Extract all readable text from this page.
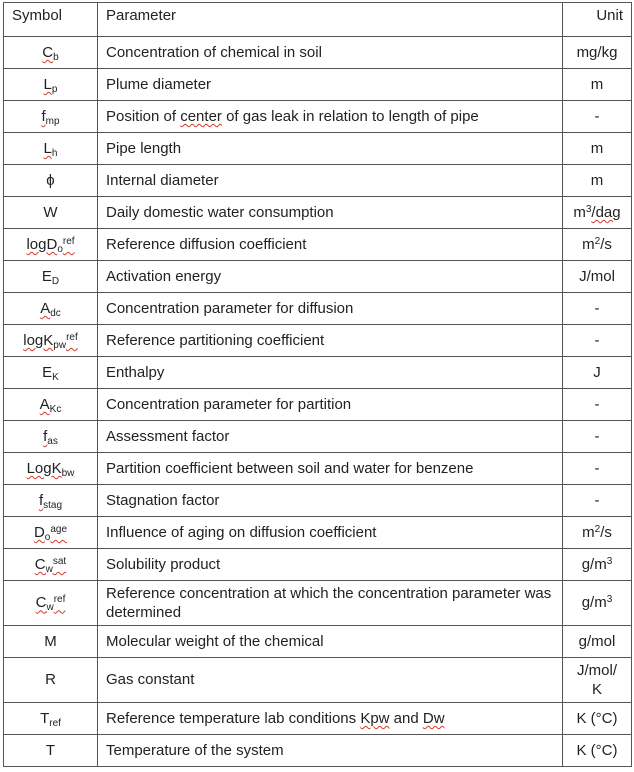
Symbol	Parameter	Unit
$C_b$	Concentration of chemical in soil	mg/kg
$L_p$	Plume diameter	m
$f_{mp}$	Position of center of gas leak in relation to length of pipe	-
$L_h$	Pipe length	m
ϕ	Internal diameter	m
W	Daily domestic water consumption	$m^3$/dag
logD$_o^{ref}$	Reference diffusion coefficient	$m^2/s$
$E_D$	Activation energy	J/mol
$A_{dc}$	Concentration parameter for diffusion	-
logK$_{pw}^{ref}$	Reference partitioning coefficient	-
$E_K$	Enthalpy	J
$A_{Kc}$	Concentration parameter for partition	-
$f_{as}$	Assessment factor	-
LogK$_{bw}$	Partition coefficient between soil and water for benzene	-
$f_{stag}$	Stagnation factor	-
$D_o^{age}$	Influence of aging on diffusion coefficient	$m^2/s$
$C_w^{sat}$	Solubility product	$g/m^3$
$C_w^{ref}$	Reference concentration at which the concentration parameter was determined	$g/m^3$
M	Molecular weight of the chemical	g/mol
R	Gas constant	J/mol/ K
$T_{ref}$	Reference temperature lab conditions Kpw and Dw	K (°C)
T	Temperature of the system	K (°C)
